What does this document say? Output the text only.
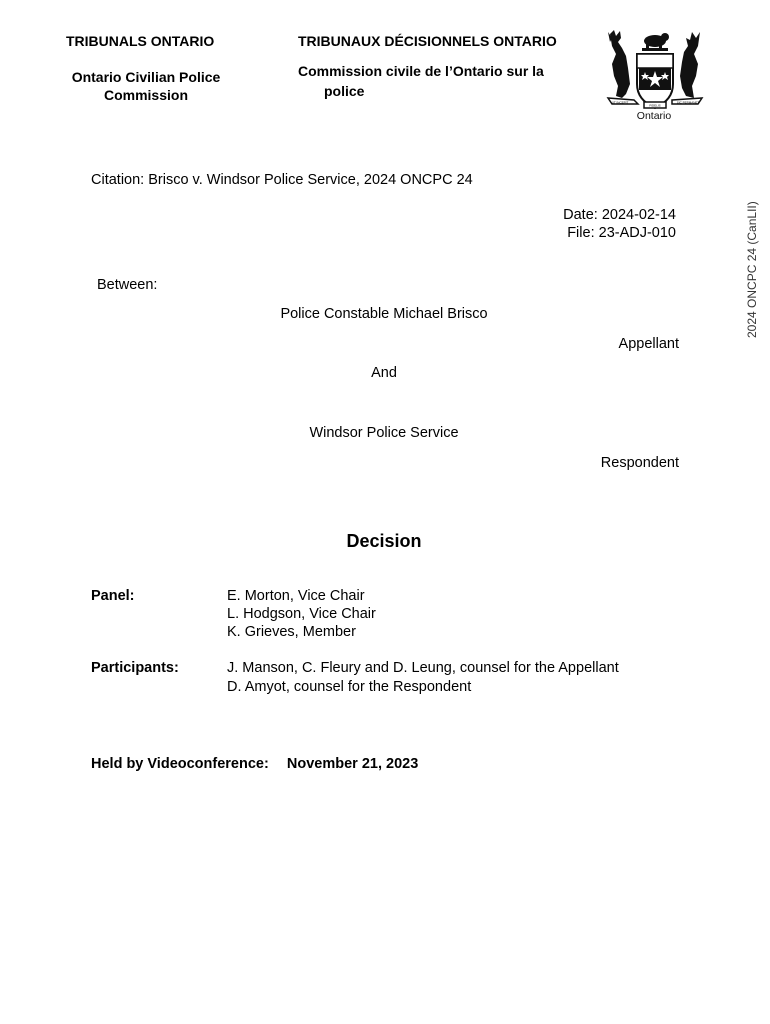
TRIBUNALS ONTARIO
Ontario Civilian Police
Commission
TRIBUNAUX DÉCISIONNELS ONTARIO
Commission civile de l’Ontario sur la
police
UT INCEPIT	SIC PERMANET
FIDELIS
Ontario
2024 ONCPC 24 (CanLII)
Citation: Brisco v. Windsor Police Service, 2024 ONCPC 24
Date: 2024-02-14
File: 23-ADJ-010
Between:
Police Constable Michael Brisco
Appellant
And
Windsor Police Service
Respondent
Decision
Panel:	E. Morton, Vice Chair
L. Hodgson, Vice Chair
K. Grieves, Member
Participants:	J. Manson, C. Fleury and D. Leung, counsel for the Appellant
D. Amyot, counsel for the Respondent
Held by Videoconference: November 21, 2023
